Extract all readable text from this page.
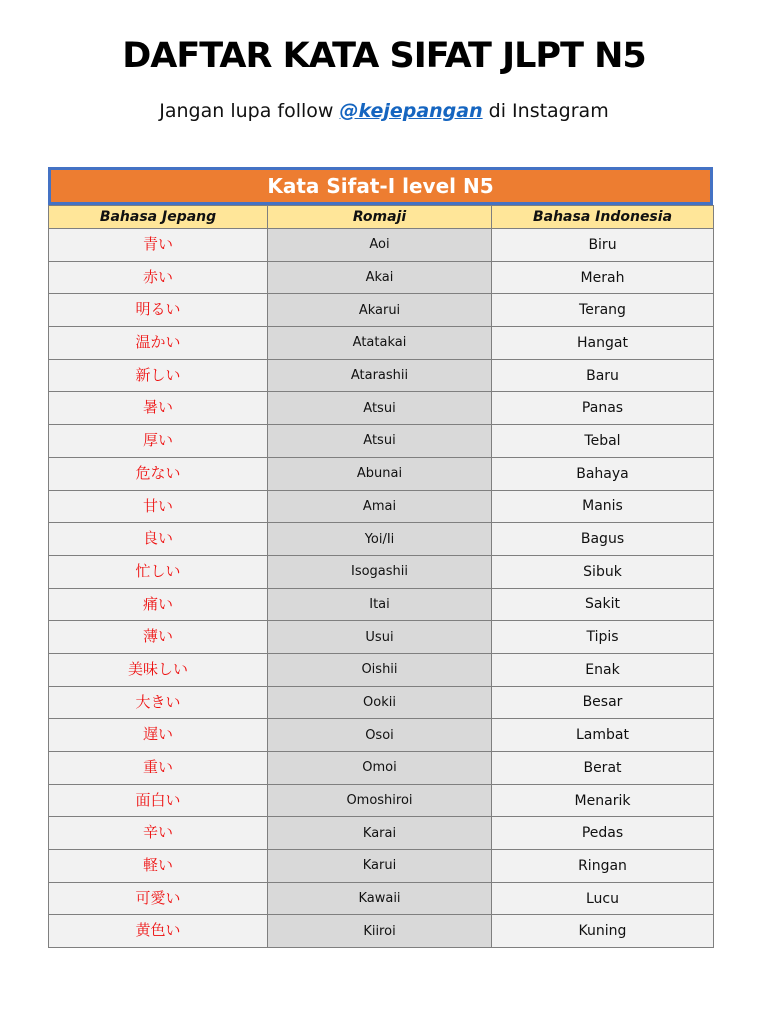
DAFTAR KATA SIFAT JLPT N5
Jangan lupa follow @kejepangan di Instagram
Kata Sifat-I level N5
Bahasa Jepang	Romaji	Bahasa Indonesia
青い	Aoi	Biru
赤い	Akai	Merah
明るい	Akarui	Terang
温かい	Atatakai	Hangat
新しい	Atarashii	Baru
暑い	Atsui	Panas
厚い	Atsui	Tebal
危ない	Abunai	Bahaya
甘い	Amai	Manis
良い	Yoi/Ii	Bagus
忙しい	Isogashii	Sibuk
痛い	Itai	Sakit
薄い	Usui	Tipis
美味しい	Oishii	Enak
大きい	Ookii	Besar
遅い	Osoi	Lambat
重い	Omoi	Berat
面白い	Omoshiroi	Menarik
辛い	Karai	Pedas
軽い	Karui	Ringan
可愛い	Kawaii	Lucu
黄色い	Kiiroi	Kuning
